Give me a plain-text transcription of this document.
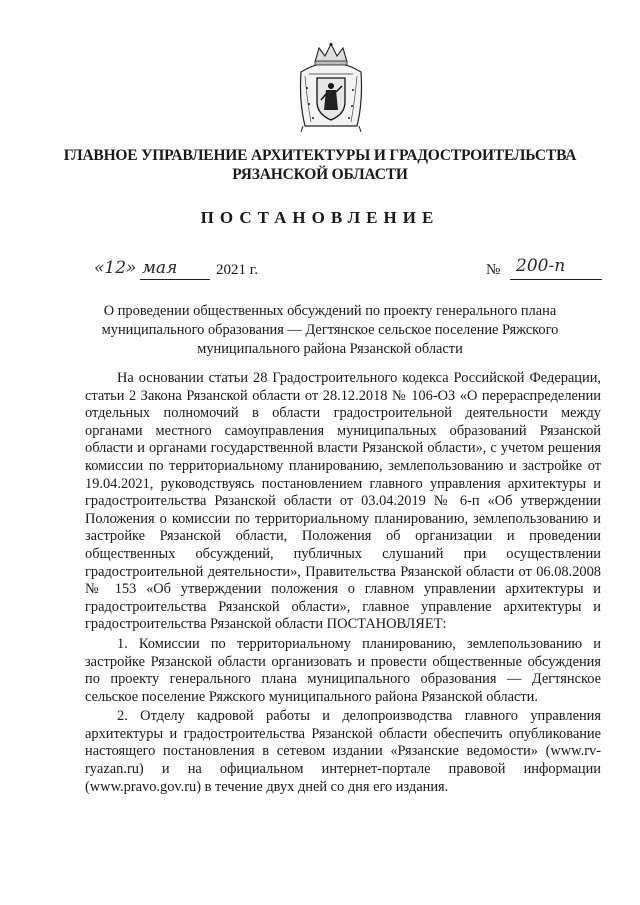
ГЛАВНОЕ УПРАВЛЕНИЕ АРХИТЕКТУРЫ И ГРАДОСТРОИТЕЛЬСТВА
РЯЗАНСКОЙ ОБЛАСТИ
ПОСТАНОВЛЕНИЕ
«12» мая	2021 г.	№ 200-п
О проведении общественных обсуждений по проекту генерального плана
муниципального образования — Дегтянское сельское поселение Ряжского
муниципального района Рязанской области

На основании статьи 28 Градостроительного кодекса Российской Федерации, статьи 2 Закона Рязанской области от 28.12.2018 № 106-ОЗ «О перераспределении отдельных полномочий в области градостроительной деятельности между органами местного самоуправления муниципальных образований Рязанской области и органами государственной власти Рязанской области», с учетом решения комиссии по территориальному планированию, землепользованию и застройке от 19.04.2021, руководствуясь постановлением главного управления архитектуры и градостроительства Рязанской области от 03.04.2019 № 6-п «Об утверждении Положения о комиссии по территориальному планированию, землепользованию и застройке Рязанской области, Положения об организации и проведении общественных обсуждений, публичных слушаний при осуществлении градостроительной деятельности», Правительства Рязанской области от 06.08.2008 № 153 «Об утверждении положения о главном управлении архитектуры и градостроительства Рязанской области», главное управление архитектуры и градостроительства Рязанской области ПОСТАНОВЛЯЕТ:

1. Комиссии по территориальному планированию, землепользованию и застройке Рязанской области организовать и провести общественные обсуждения по проекту генерального плана муниципального образования — Дегтянское сельское поселение Ряжского муниципального района Рязанской области.

2. Отделу кадровой работы и делопроизводства главного управления архитектуры и градостроительства Рязанской области обеспечить опубликование настоящего постановления в сетевом издании «Рязанские ведомости» (www.rv-ryazan.ru) и на официальном интернет-портале правовой информации (www.pravo.gov.ru) в течение двух дней со дня его издания.
